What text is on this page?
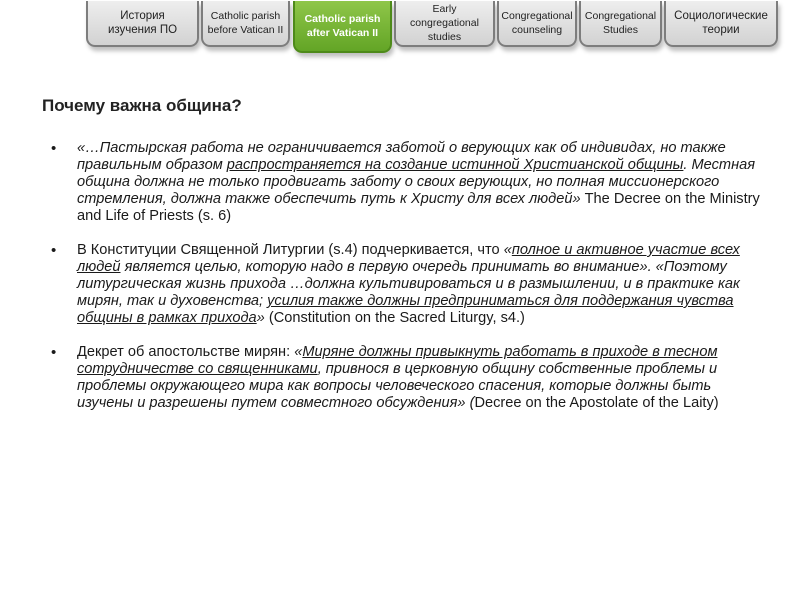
История
изучения ПО
Catholic parish
before Vatican II
Catholic parish
after Vatican II
Early
congregational
studies
Congregational
counseling
Congregational
Studies
Социологические
теории
Почему важна община?
• «…Пастырская работа не ограничивается заботой о верующих как об индивидах, но также правильным образом распространяется на создание истинной Христианской общины. Местная община должна не только продвигать заботу о своих верующих, но полная миссионерского стремления, должна также обеспечить путь к Христу для всех людей» The Decree on the Ministry and Life of Priests (s. 6)
• В Конституции Священной Литургии (s.4) подчеркивается, что «полное и активное участие всех людей является целью, которую надо в первую очередь принимать во внимание». «Поэтому литургическая жизнь прихода …должна культивироваться и в размышлении, и в практике как мирян, так и духовенства; усилия также должны предприниматься для поддержания чувства общины в рамках прихода» (Constitution on the Sacred Liturgy, s4.)
• Декрет об апостольстве мирян: «Миряне должны привыкнуть работать в приходе в тесном сотрудничестве со священниками, привнося в церковную общину собственные проблемы и проблемы окружающего мира как вопросы человеческого спасения, которые должны быть изучены и разрешены путем совместного обсуждения» (Decree on the Apostolate of the Laity)
